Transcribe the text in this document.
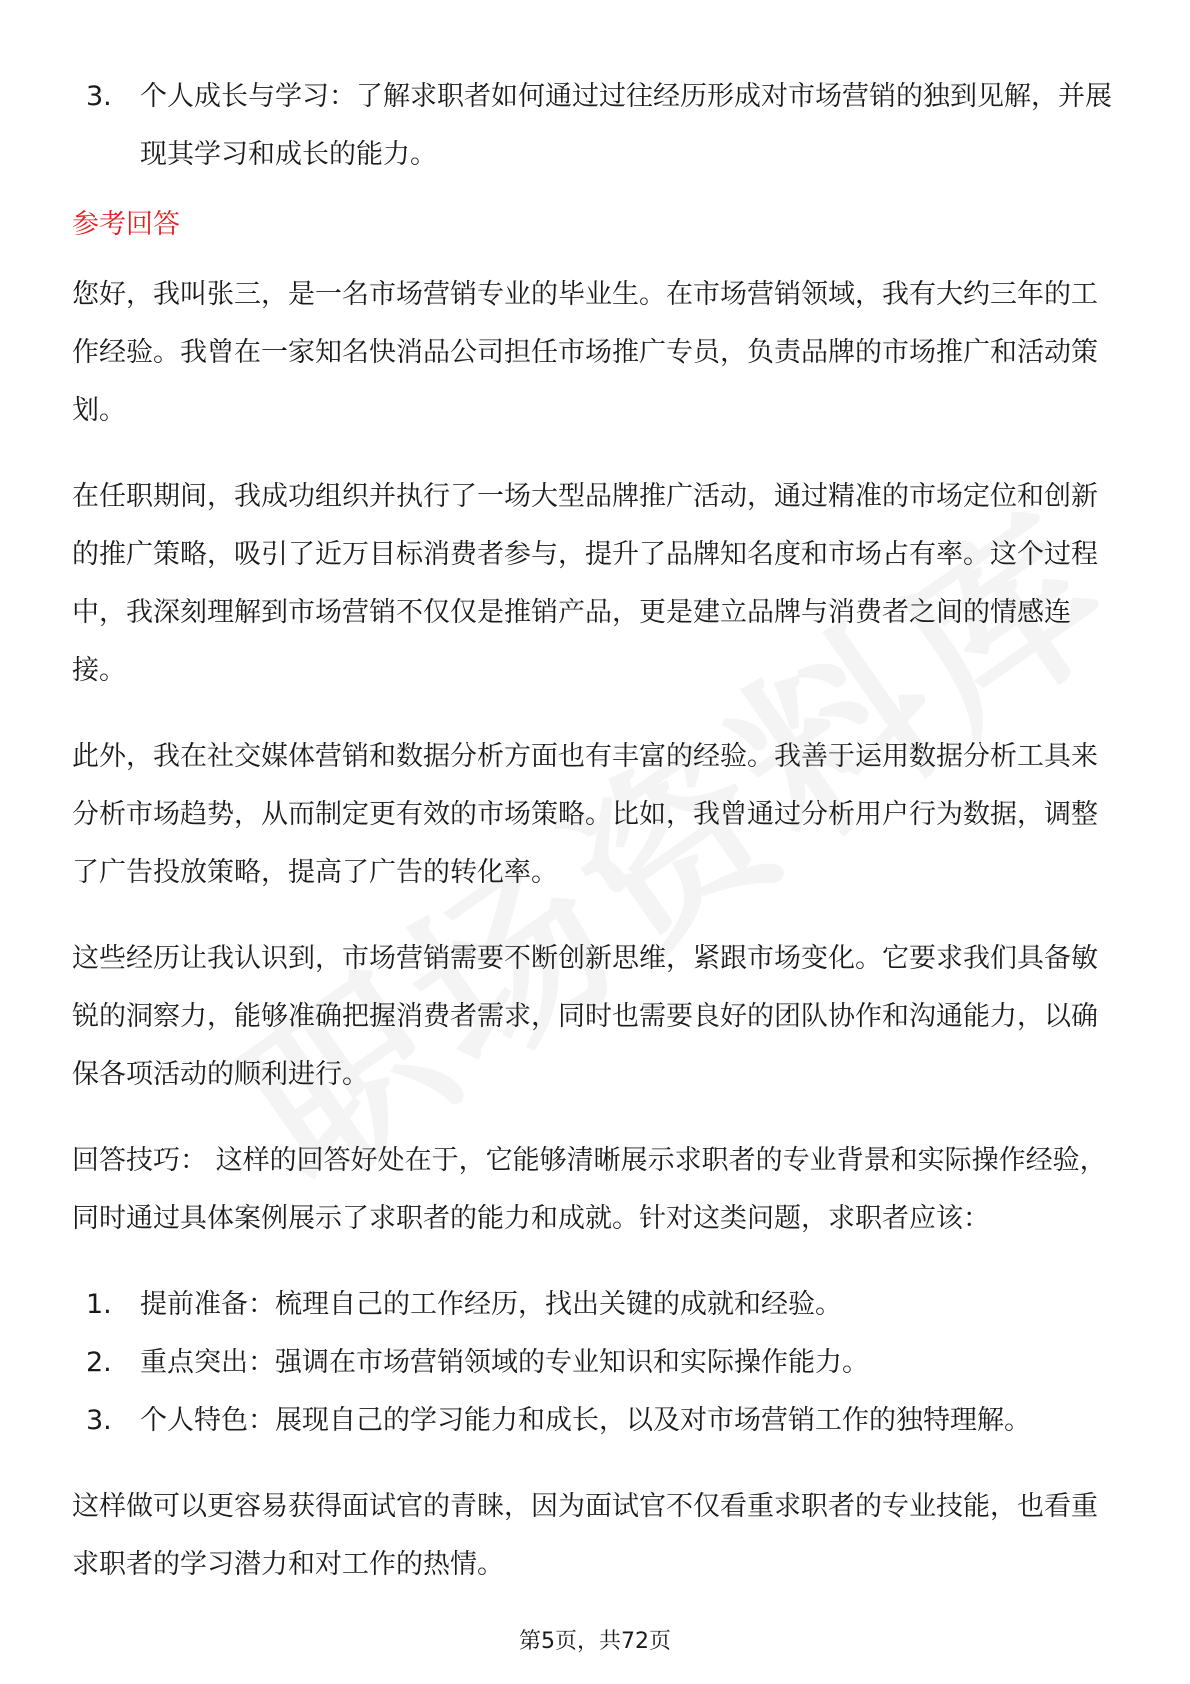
3. 个人成长与学习：了解求职者如何通过过往经历形成对市场营销的独到见解，并展现其学习和成长的能力。
参考回答

您好，我叫张三，是一名市场营销专业的毕业生。在市场营销领域，我有大约三年的工作经验。我曾在一家知名快消品公司担任市场推广专员，负责品牌的市场推广和活动策划。

在任职期间，我成功组织并执行了一场大型品牌推广活动，通过精准的市场定位和创新的推广策略，吸引了近万目标消费者参与，提升了品牌知名度和市场占有率。这个过程中，我深刻理解到市场营销不仅仅是推销产品，更是建立品牌与消费者之间的情感连接。

此外，我在社交媒体营销和数据分析方面也有丰富的经验。我善于运用数据分析工具来分析市场趋势，从而制定更有效的市场策略。比如，我曾通过分析用户行为数据，调整了广告投放策略，提高了广告的转化率。

这些经历让我认识到，市场营销需要不断创新思维，紧跟市场变化。它要求我们具备敏锐的洞察力，能够准确把握消费者需求，同时也需要良好的团队协作和沟通能力，以确保各项活动的顺利进行。

回答技巧： 这样的回答好处在于，它能够清晰展示求职者的专业背景和实际操作经验，同时通过具体案例展示了求职者的能力和成就。针对这类问题，求职者应该：

1. 提前准备：梳理自己的工作经历，找出关键的成就和经验。
2. 重点突出：强调在市场营销领域的专业知识和实际操作能力。
3. 个人特色：展现自己的学习能力和成长，以及对市场营销工作的独特理解。

这样做可以更容易获得面试官的青睐，因为面试官不仅看重求职者的专业技能，也看重求职者的学习潜力和对工作的热情。

第5页，共72页
